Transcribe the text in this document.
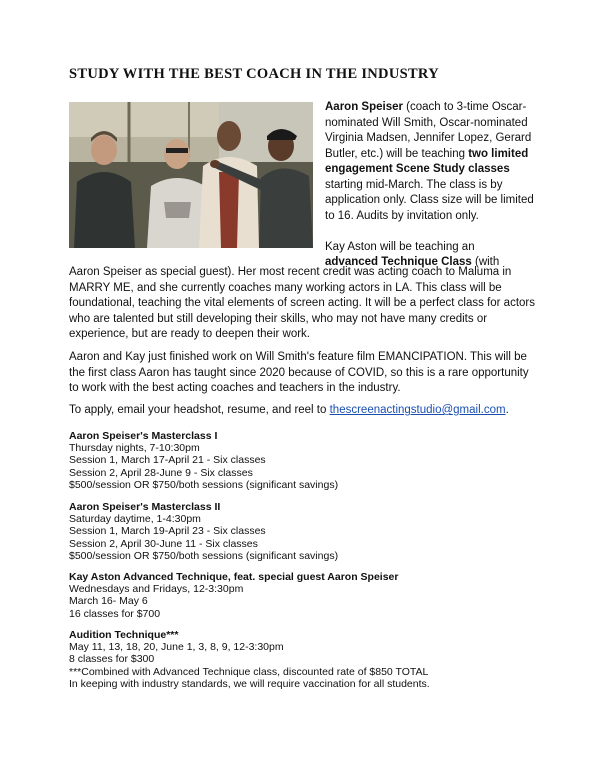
STUDY WITH THE BEST COACH IN THE INDUSTRY

Aaron Speiser (coach to 3-time Oscar-nominated Will Smith, Oscar-nominated Virginia Madsen, Jennifer Lopez, Gerard Butler, etc.) will be teaching two limited engagement Scene Study classes starting mid-March. The class is by application only. Class size will be limited to 16. Audits by invitation only.

Kay Aston will be teaching an
advanced Technique Class (with

Aaron Speiser as special guest). Her most recent credit was acting coach to Maluma in MARRY ME, and she currently coaches many working actors in LA. This class will be foundational, teaching the vital elements of screen acting. It will be a perfect class for actors who are talented but still developing their skills, who may not have many credits or experience, but are ready to deepen their work.

Aaron and Kay just finished work on Will Smith's feature film EMANCIPATION. This will be the first class Aaron has taught since 2020 because of COVID, so this is a rare opportunity to work with the best acting coaches and teachers in the industry.

To apply, email your headshot, resume, and reel to thescreenactingstudio@gmail.com.

Aaron Speiser's Masterclass I
Thursday nights, 7-10:30pm
Session 1, March 17-April 21 - Six classes
Session 2, April 28-June 9 - Six classes
$500/session OR $750/both sessions (significant savings)
Aaron Speiser's Masterclass II
Saturday daytime, 1-4:30pm
Session 1, March 19-April 23 - Six classes
Session 2, April 30-June 11 - Six classes
$500/session OR $750/both sessions (significant savings)
Kay Aston Advanced Technique, feat. special guest Aaron Speiser
Wednesdays and Fridays, 12-3:30pm
March 16- May 6
16 classes for $700
Audition Technique***
May 11, 13, 18, 20, June 1, 3, 8, 9, 12-3:30pm
8 classes for $300
***Combined with Advanced Technique class, discounted rate of $850 TOTAL
In keeping with industry standards, we will require vaccination for all students.
